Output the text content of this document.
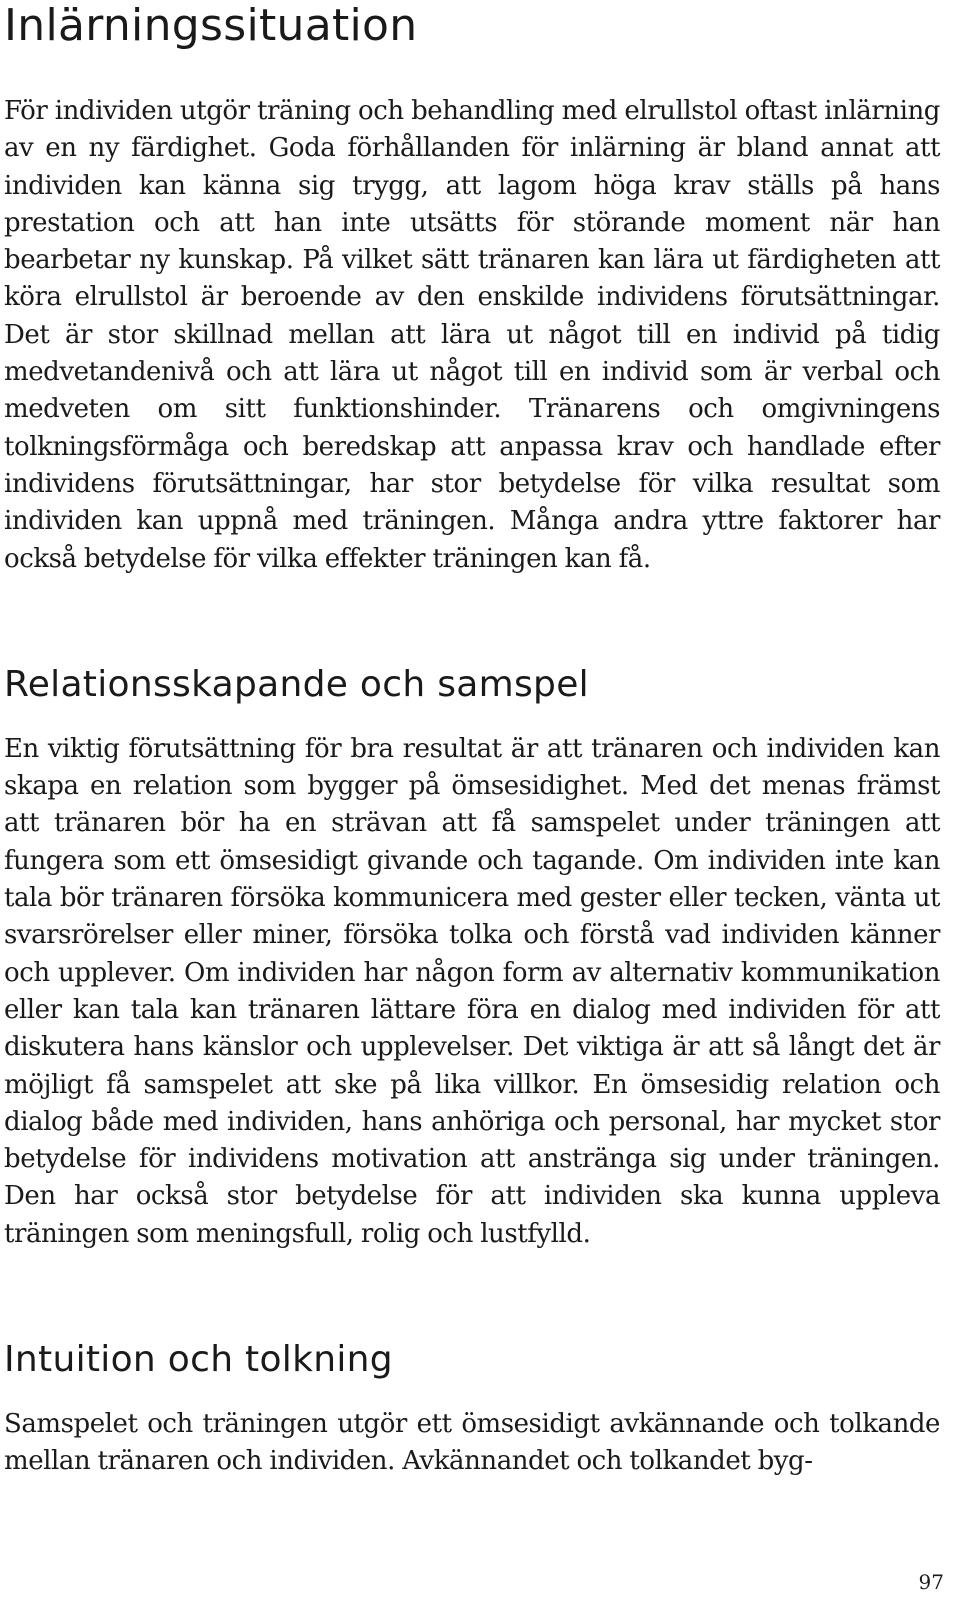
Inlärningssituation

För individen utgör träning och behandling med elrullstol oftast inlärning av en ny färdighet. Goda förhållanden för inlärning är bland annat att individen kan känna sig trygg, att lagom höga krav ställs på hans prestation och att han inte utsätts för störande moment när han bearbetar ny kunskap. På vilket sätt tränaren kan lära ut färdigheten att köra elrullstol är beroende av den enskilde individens förutsättningar. Det är stor skillnad mellan att lära ut något till en individ på tidig medvetandenivå och att lära ut något till en individ som är verbal och medveten om sitt funktionshinder. Tränarens och omgivningens tolkningsförmåga och beredskap att anpassa krav och handlade efter individens förutsättningar, har stor betydelse för vilka resultat som individen kan uppnå med träningen. Många andra yttre faktorer har också betydelse för vilka effekter träningen kan få.

Relationsskapande och samspel

En viktig förutsättning för bra resultat är att tränaren och individen kan skapa en relation som bygger på ömsesidighet. Med det menas främst att tränaren bör ha en strävan att få samspelet under träningen att fungera som ett ömsesidigt givande och tagande. Om individen inte kan tala bör tränaren försöka kommunicera med gester eller tecken, vänta ut svarsrörelser eller miner, försöka tolka och förstå vad individen känner och upplever. Om individen har någon form av alternativ kommunikation eller kan tala kan tränaren lättare föra en dialog med individen för att diskutera hans känslor och upplevelser. Det viktiga är att så långt det är möjligt få samspelet att ske på lika villkor. En ömsesidig relation och dialog både med individen, hans anhöriga och personal, har mycket stor betydelse för individens motivation att anstränga sig under träningen. Den har också stor betydelse för att individen ska kunna uppleva träningen som meningsfull, rolig och lustfylld.

Intuition och tolkning

Samspelet och träningen utgör ett ömsesidigt avkännande och tolkande mellan tränaren och individen. Avkännandet och tolkandet byg-

97
